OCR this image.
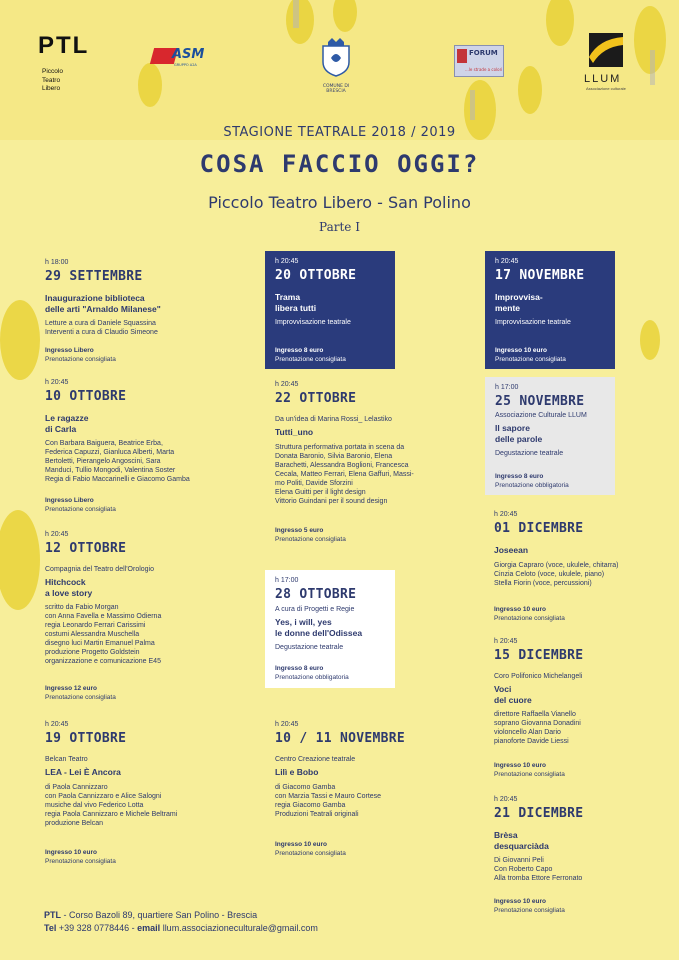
PTL
Piccolo
Teatro
Libero
ASM
GRUPPO A2A
COMUNE DI BRESCIA
FORUM
...le strade a colori
LLUM
Associazione culturale
STAGIONE TEATRALE 2018 / 2019
COSA FACCIO OGGI?
Piccolo Teatro Libero - San Polino
Parte I
h 18:00
29 SETTEMBRE
Inaugurazione biblioteca
delle arti "Arnaldo Milanese"
Letture a cura di Daniele Squassina
Interventi a cura di Claudio Simeone
Ingresso Libero
Prenotazione consigliata
h 20:45
10 OTTOBRE
Le ragazze
di Carla
Con Barbara Baiguera, Beatrice Erba,
Federica Capuzzi, Gianluca Alberti, Marta
Bertoletti, Pierangelo Angoscini, Sara
Manduci, Tullio Mongodi, Valentina Soster
Regia di Fabio Maccarinelli e Giacomo Gamba
Ingresso Libero
Prenotazione consigliata
h 20:45
12 OTTOBRE
Compagnia del Teatro dell'Orologio
Hitchcock
a love story
scritto da Fabio Morgan
con Anna Favella e Massimo Odierna
regia Leonardo Ferrari Carissimi
costumi Alessandra Muschella
disegno luci Martin Emanuel Palma
produzione Progetto Goldstein
organizzazione e comunicazione E45
Ingresso 12 euro
Prenotazione consigliata
h 20:45
19 OTTOBRE
Belcan Teatro
LEA - Lei È Ancora
di Paola Cannizzaro
con Paola Cannizzaro e Alice Salogni
musiche dal vivo Federico Lotta
regia Paola Cannizzaro e Michele Beltrami
produzione Belcan
Ingresso 10 euro
Prenotazione consigliata
h 20:45
20 OTTOBRE
Trama
libera tutti
Improvvisazione teatrale
Ingresso 8 euro
Prenotazione consigliata
h 20:45
22 OTTOBRE
Da un'idea di Marina Rossi_ Lelastiko
Tutti_uno
Struttura performativa portata in scena da
Donata Baronio, Silvia Baronio, Elena
Barachetti, Alessandra Boglioni, Francesca
Cecala, Matteo Ferrari, Elena Gaffuri, Massi-
mo Politi, Davide Sforzini
Elena Guitti per il light design
Vittorio Guindani per il sound design
Ingresso 5 euro
Prenotazione consigliata
h 17:00
28 OTTOBRE
A cura di Progetti e Regie
Yes, i will, yes
le donne dell'Odissea
Degustazione teatrale
Ingresso 8 euro
Prenotazione obbligatoria
h 20:45
10 / 11 NOVEMBRE
Centro Creazione teatrale
Lilì e Bobo
di Giacomo Gamba
con Marzia Tassi e Mauro Cortese
regia Giacomo Gamba
Produzioni Teatrali originali
Ingresso 10 euro
Prenotazione consigliata
h 20:45
17 NOVEMBRE
Improvvisa-
mente
Improvvisazione teatrale
Ingresso 10 euro
Prenotazione consigliata
h 17:00
25 NOVEMBRE
Associazione Culturale LLUM
Il sapore
delle parole
Degustazione teatrale
Ingresso 8 euro
Prenotazione obbligatoria
h 20:45
01 DICEMBRE
Joseean
Giorgia Capraro (voce, ukulele, chitarra)
Cinzia Celoto (voce, ukulele, piano)
Stella Fiorin (voce, percussioni)
Ingresso 10 euro
Prenotazione consigliata
h 20:45
15 DICEMBRE
Coro Polifonico Michelangeli
Voci
del cuore
direttore Raffaella Vianello
soprano Giovanna Donadini
violoncello Alan Dario
pianoforte Davide Liessi
Ingresso 10 euro
Prenotazione consigliata
h 20:45
21 DICEMBRE
Brèsa
desquarciàda
Di Giovanni Peli
Con Roberto Capo
Alla tromba Ettore Ferronato
Ingresso 10 euro
Prenotazione consigliata
PTL - Corso Bazoli 89, quartiere San Polino - Brescia
Tel +39 328 0778446 - email llum.associazioneculturale@gmail.com
